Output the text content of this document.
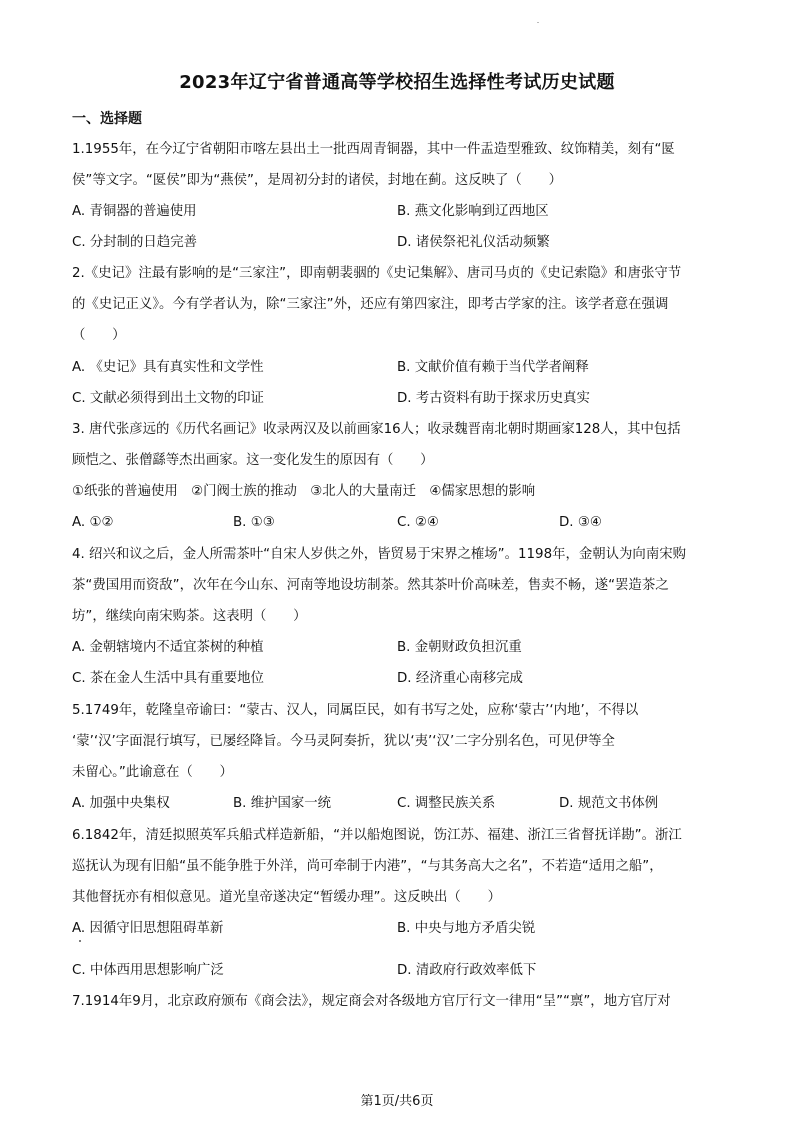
2023年辽宁省普通高等学校招生选择性考试历史试题
一、选择题
1.1955年，在今辽宁省朝阳市喀左县出土一批西周青铜器，其中一件盂造型雅致、纹饰精美，刻有“匽
侯”等文字。“匽侯”即为“燕侯”，是周初分封的诸侯，封地在蓟。这反映了（　　）
A. 青铜器的普遍使用	B. 燕文化影响到辽西地区
C. 分封制的日趋完善	D. 诸侯祭祀礼仪活动频繁
2.《史记》注最有影响的是“三家注”，即南朝裴骃的《史记集解》、唐司马贞的《史记索隐》和唐张守节
的《史记正义》。今有学者认为，除“三家注”外，还应有第四家注，即考古学家的注。该学者意在强调
（　　）
A. 《史记》具有真实性和文学性	B. 文献价值有赖于当代学者阐释
C. 文献必须得到出土文物的印证	D. 考古资料有助于探求历史真实
3. 唐代张彦远的《历代名画记》收录两汉及以前画家16人；收录魏晋南北朝时期画家128人，其中包括
顾恺之、张僧繇等杰出画家。这一变化发生的原因有（　　）
①纸张的普遍使用　②门阀士族的推动　③北人的大量南迁　④儒家思想的影响
A. ①②	B. ①③	C. ②④	D. ③④
4. 绍兴和议之后，金人所需茶叶“自宋人岁供之外，皆贸易于宋界之榷场”。1198年，金朝认为向南宋购
茶“费国用而资敌”，次年在今山东、河南等地设坊制茶。然其茶叶价高味差，售卖不畅，遂“罢造茶之
坊”，继续向南宋购茶。这表明（　　）
A. 金朝辖境内不适宜茶树的种植	B. 金朝财政负担沉重
C. 茶在金人生活中具有重要地位	D. 经济重心南移完成
5.1749年，乾隆皇帝谕曰：“蒙古、汉人，同属臣民，如有书写之处，应称‘蒙古’‘内地’，不得以
‘蒙’‘汉’字面混行填写，已屡经降旨。今马灵阿奏折，犹以‘夷’‘汉’二字分别名色，可见伊等全
未留心。”此谕意在（　　）
A. 加强中央集权	B. 维护国家一统	C. 调整民族关系	D. 规范文书体例
6.1842年，清廷拟照英军兵船式样造新船，“并以船炮图说，饬江苏、福建、浙江三省督抚详勘”。浙江
巡抚认为现有旧船“虽不能争胜于外洋，尚可牵制于内港”，“与其务高大之名”，不若造“适用之船”，
其他督抚亦有相似意见。道光皇帝遂决定“暂缓办理”。这反映出（　　）
A. 因循守旧思想阻碍革新	B. 中央与地方矛盾尖锐
C. 中体西用思想影响广泛	D. 清政府行政效率低下
7.1914年9月，北京政府颁布《商会法》，规定商会对各级地方官厅行文一律用“呈”“禀”，地方官厅对
第1页/共6页
